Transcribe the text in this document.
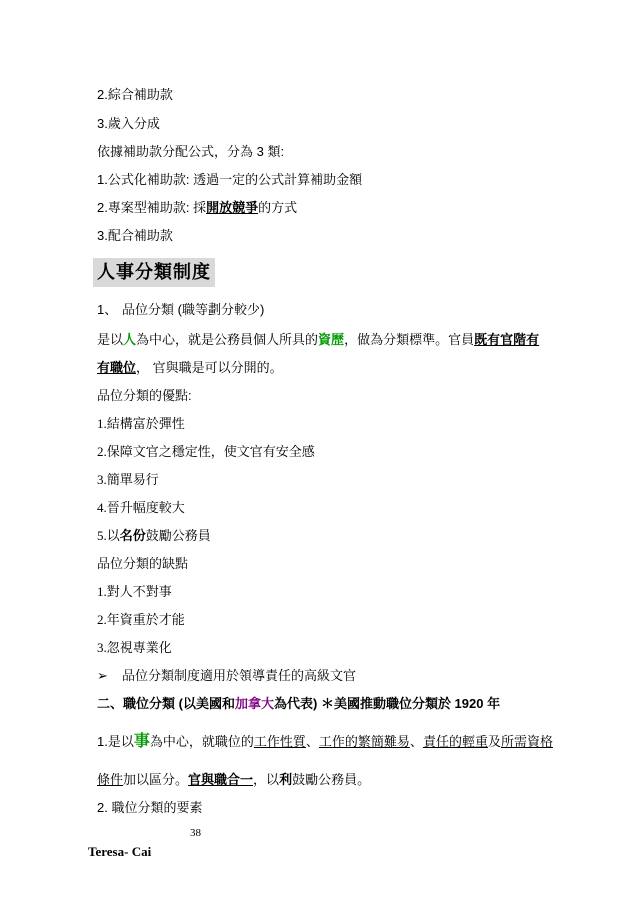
2.綜合補助款
3.歲入分成
依據補助款分配公式，分為 3 類:
1.公式化補助款: 透過一定的公式計算補助金額
2.專案型補助款: 採開放競爭的方式
3.配合補助款
人事分類制度
1、 品位分類 (職等劃分較少)
是以人為中心，就是公務員個人所具的資歷，做為分類標準。官員既有官階有
有職位， 官與職是可以分開的。
品位分類的優點:
1.結構富於彈性
2.保障文官之穩定性，使文官有安全感
3.簡單易行
4.晉升幅度較大
5.以名份鼓勵公務員
品位分類的缺點
1.對人不對事
2.年資重於才能
3.忽視專業化
➢ 品位分類制度適用於領導責任的高級文官
二、職位分類 (以美國和加拿大為代表) ＊美國推動職位分類於 1920 年
1.是以事為中心，就職位的工作性質、工作的繁簡難易、責任的輕重及所需資格
條件加以區分。官與職合一，以利鼓勵公務員。
2. 職位分類的要素
38
Teresa- Cai
